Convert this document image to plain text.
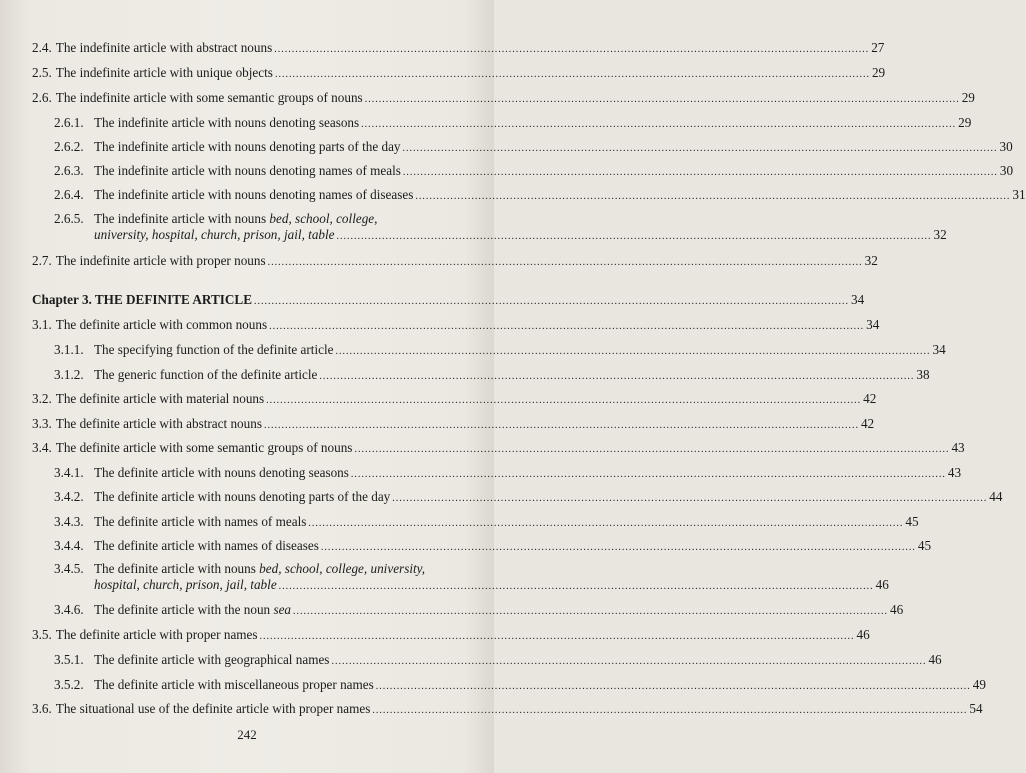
2.4. The indefinite article with abstract nouns .....	27
2.5. The indefinite article with unique objects .....	29
2.6. The indefinite article with some semantic groups of nouns .....	29
2.6.1. The indefinite article with nouns denoting seasons .....	29
2.6.2. The indefinite article with nouns denoting parts of the day .....	30
2.6.3. The indefinite article with nouns denoting names of meals .....	30
2.6.4. The indefinite article with nouns denoting names of diseases .....	31
2.6.5. The indefinite article with nouns bed, school, college,
university, hospital, church, prison, jail, table .....	32
2.7. The indefinite article with proper nouns .....	32
Chapter 3. THE DEFINITE ARTICLE .....	34
3.1. The definite article with common nouns .....	34
3.1.1. The specifying function of the definite article .....	34
3.1.2. The generic function of the definite article .....	38
3.2. The definite article with material nouns .....	42
3.3. The definite article with abstract nouns .....	42
3.4. The definite article with some semantic groups of nouns .....	43
3.4.1. The definite article with nouns denoting seasons .....	43
3.4.2. The definite article with nouns denoting parts of the day .....	44
3.4.3. The definite article with names of meals .....	45
3.4.4. The definite article with names of diseases .....	45
3.4.5. The definite article with nouns bed, school, college, university,
hospital, church, prison, jail, table .....	46
3.4.6. The definite article with the noun sea .....	46
3.5. The definite article with proper names .....	46
3.5.1. The definite article with geographical names .....	46
3.5.2. The definite article with miscellaneous proper names .....	49
3.6. The situational use of the definite article with proper names .....	54
242
